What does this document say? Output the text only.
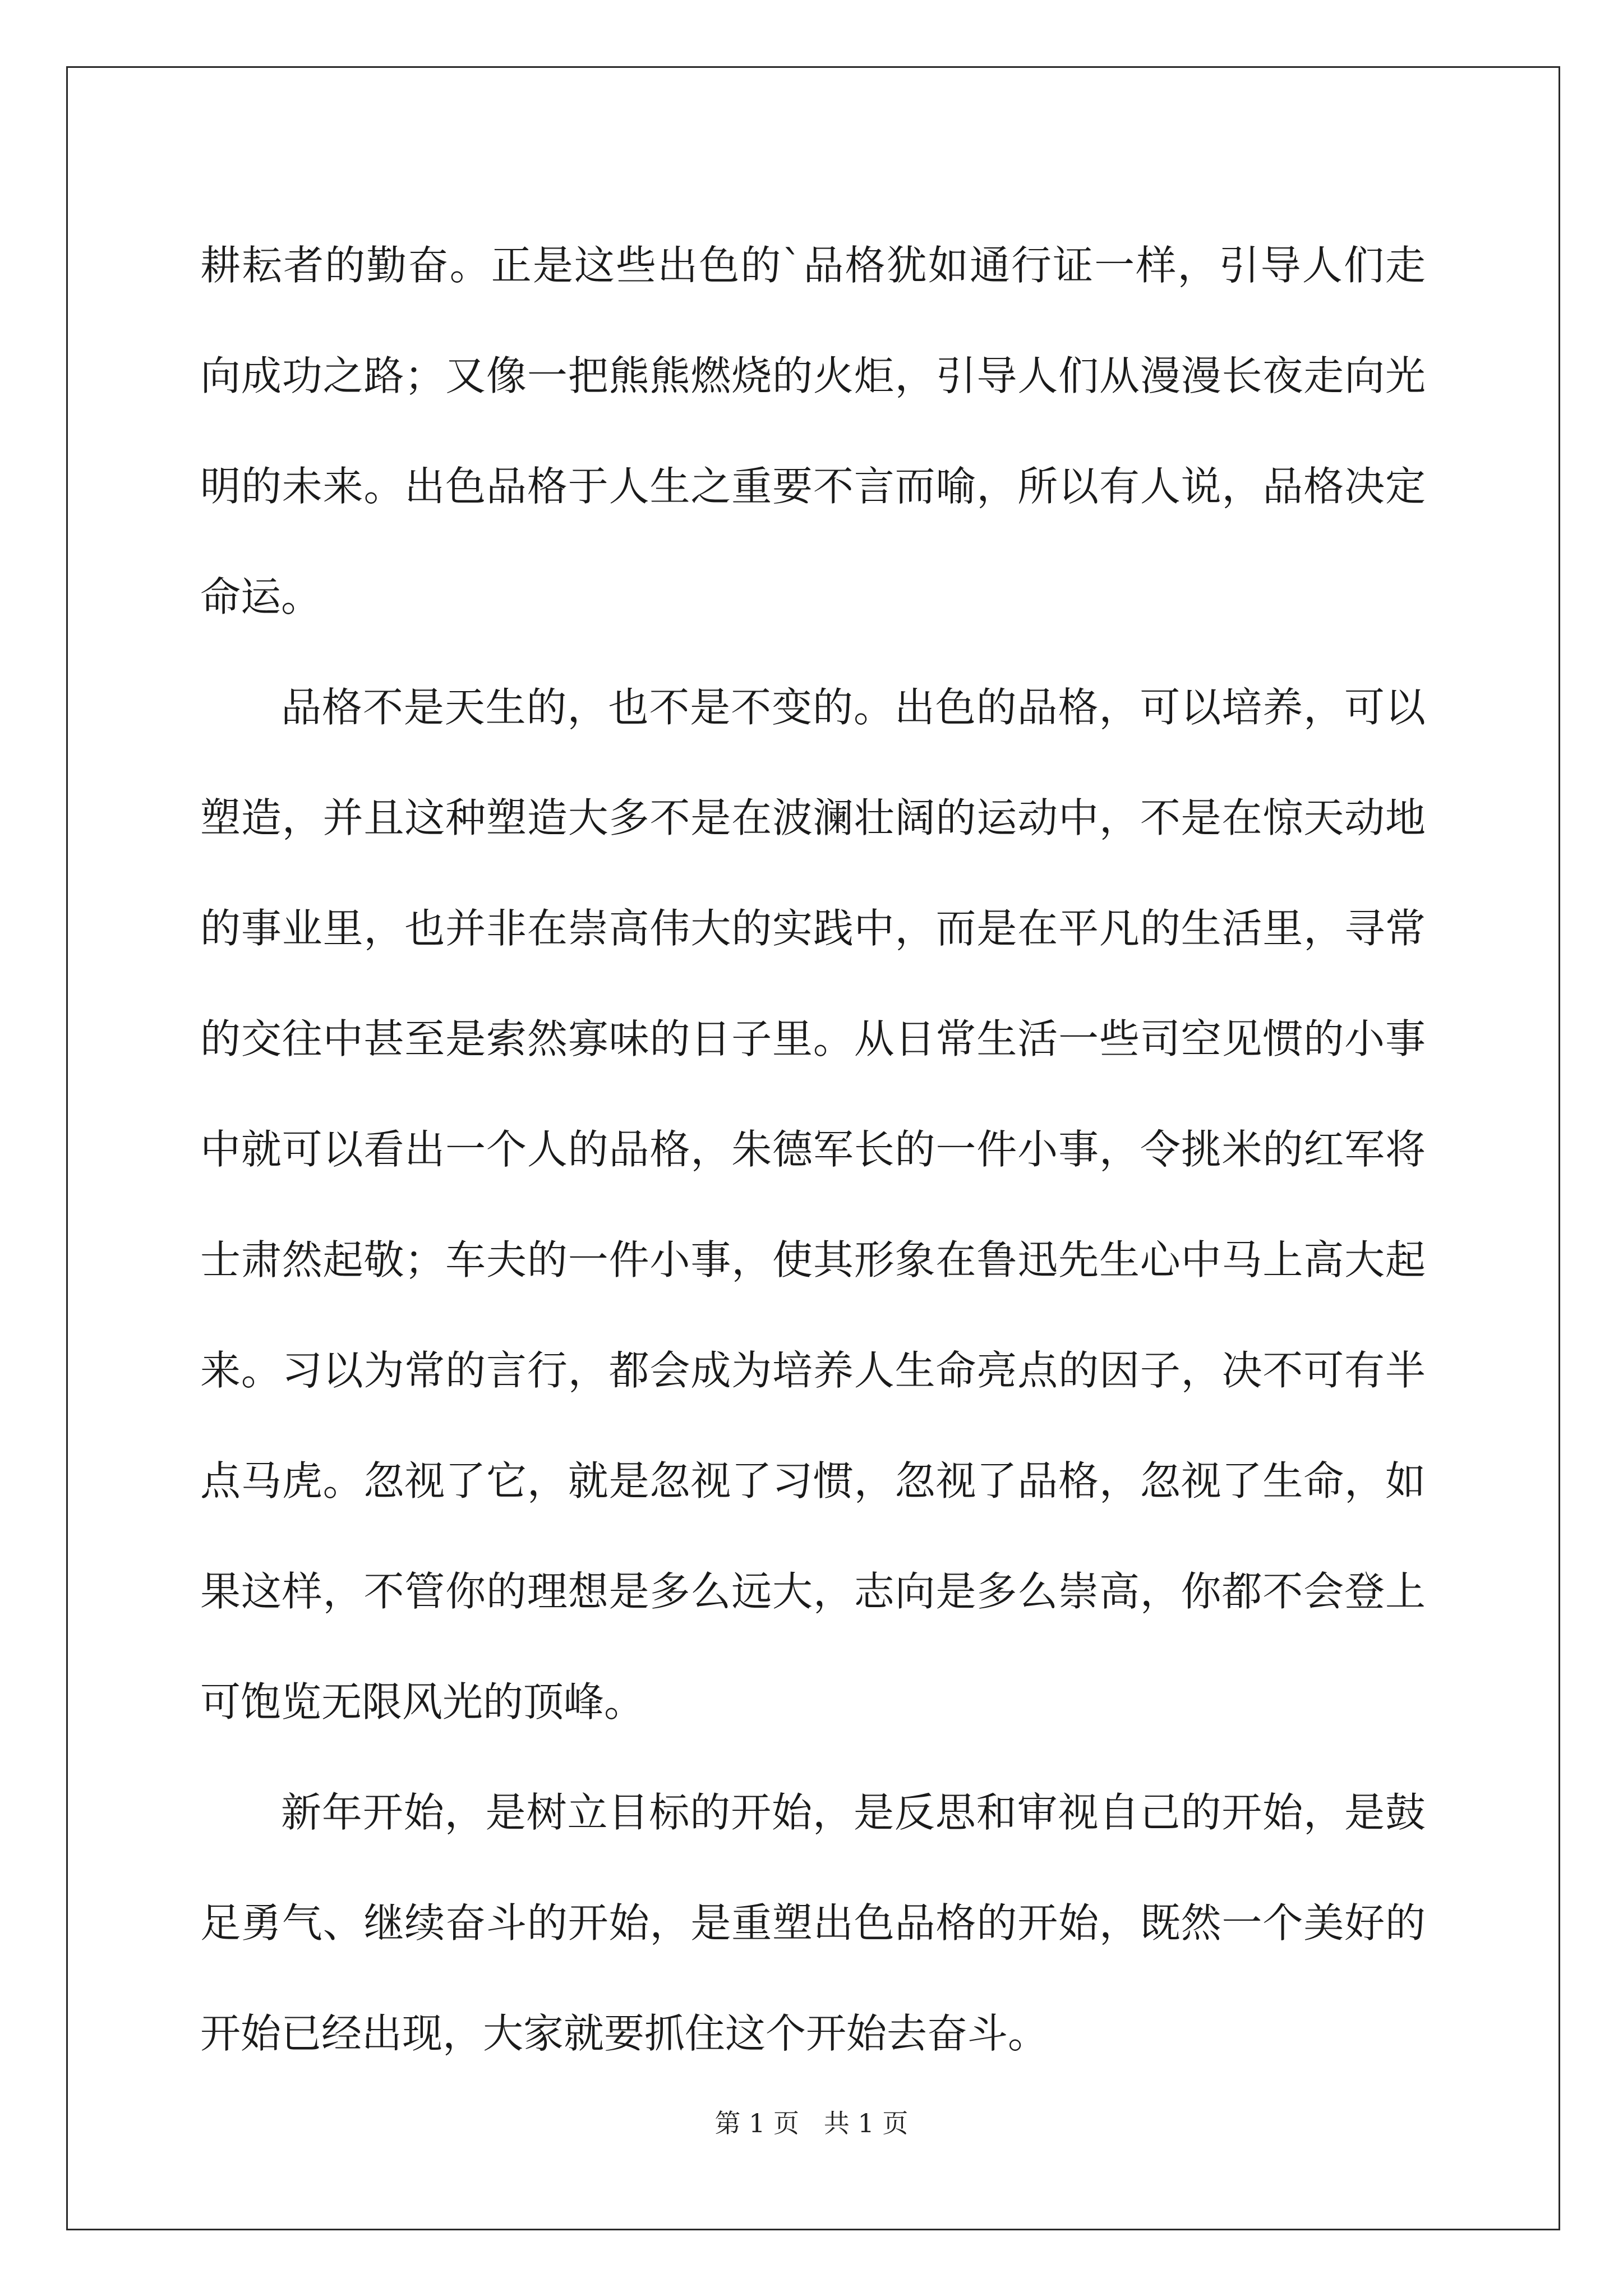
耕耘者的勤奋。正是这些出色的`品格犹如通行证一样，引导人们走向成功之路；又像一把熊熊燃烧的火炬，引导人们从漫漫长夜走向光明的未来。出色品格于人生之重要不言而喻，所以有人说，品格决定命运。

品格不是天生的，也不是不变的。出色的品格，可以培养，可以塑造，并且这种塑造大多不是在波澜壮阔的运动中，不是在惊天动地的事业里，也并非在崇高伟大的实践中，而是在平凡的生活里，寻常的交往中甚至是索然寡味的日子里。从日常生活一些司空见惯的小事中就可以看出一个人的品格，朱德军长的一件小事，令挑米的红军将士肃然起敬；车夫的一件小事，使其形象在鲁迅先生心中马上高大起来。习以为常的言行，都会成为培养人生命亮点的因子，决不可有半点马虎。忽视了它，就是忽视了习惯，忽视了品格，忽视了生命，如果这样，不管你的理想是多么远大，志向是多么崇高，你都不会登上可饱览无限风光的顶峰。

新年开始，是树立目标的开始，是反思和审视自己的开始，是鼓足勇气、继续奋斗的开始，是重塑出色品格的开始，既然一个美好的开始已经出现，大家就要抓住这个开始去奋斗。

第 1 页   共 1 页
